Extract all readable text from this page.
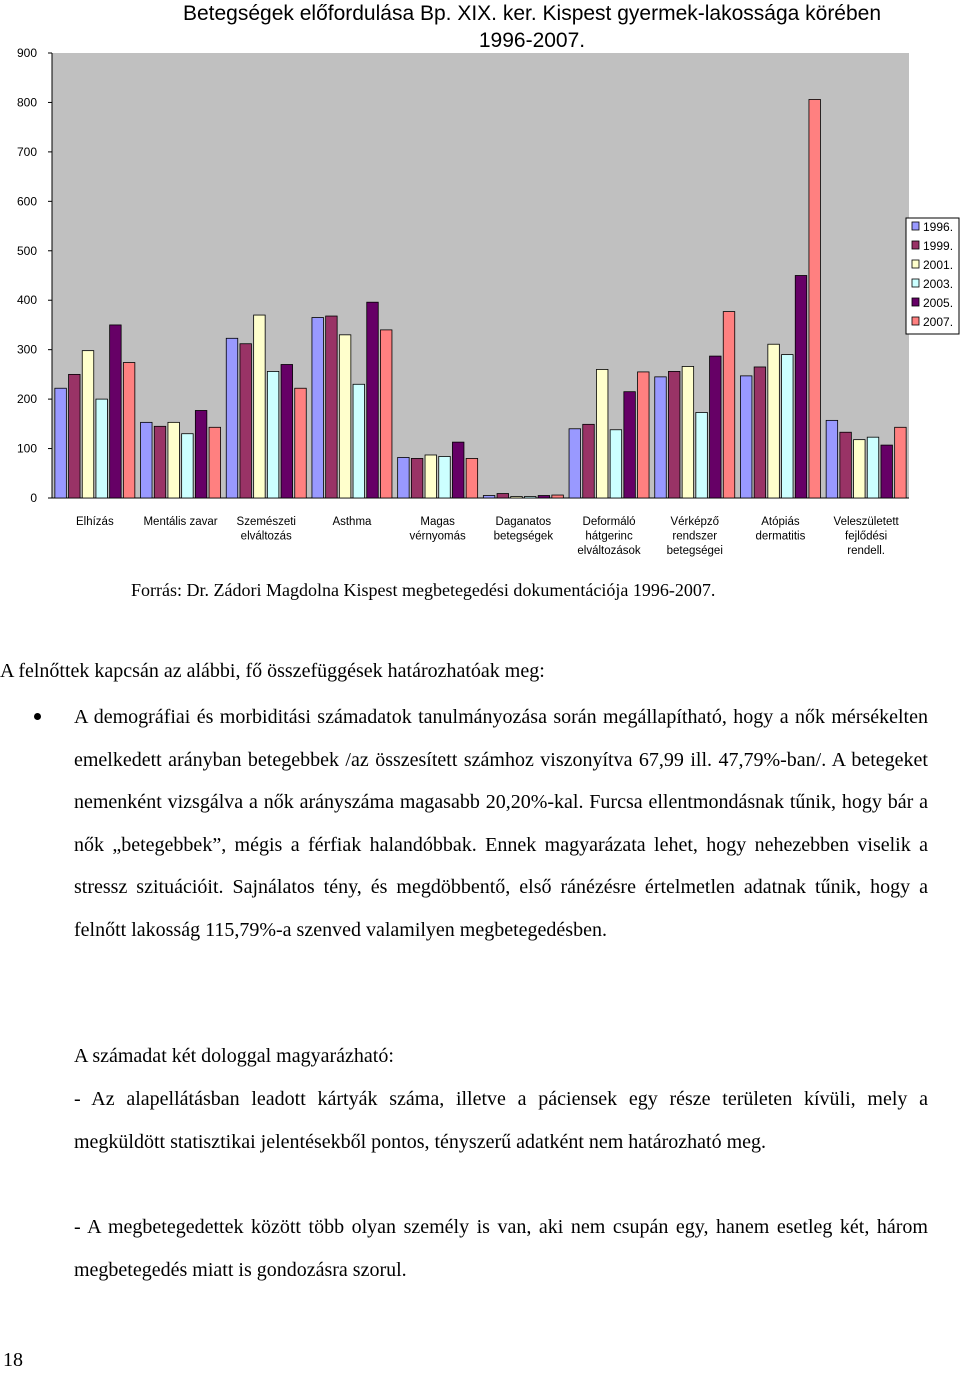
Betegségek előfordulása Bp. XIX. ker. Kispest gyermek-lakossága körében
1996-2007.
0
100
200
300
400
500
600
700
800
900
Elhízás	Mentális zavar Szemészeti elváltozás
Asthma	Magas vérnyomás
Daganatos betegségek
Deformáló hátgerinc elváltozások
Vérképző rendszer betegségei
Atópiás dermatitis
Veleszületett fejlődési rendell.
1996.
1999.
2001.
2003.
2005.
2007.
Forrás: Dr. Zádori Magdolna Kispest megbetegedési dokumentációja 1996-2007.
A felnőttek kapcsán az alábbi, fő összefüggések határozhatóak meg:
A demográfiai és morbiditási számadatok tanulmányozása során megállapítható, hogy a nők mérsékelten emelkedett arányban betegebbek /az összesített számhoz viszonyítva 67,99 ill. 47,79%-ban/. A betegeket nemenként vizsgálva a nők arányszáma magasabb 20,20%-kal. Furcsa ellentmondásnak tűnik, hogy bár a nők „betegebbek”, mégis a férfiak halandóbbak. Ennek magyarázata lehet, hogy nehezebben viselik a stressz szituációit. Sajnálatos tény, és megdöbbentő, első ránézésre értelmetlen adatnak tűnik, hogy a felnőtt lakosság 115,79%-a szenved valamilyen megbetegedésben.
A számadat két dologgal magyarázható:
- Az alapellátásban leadott kártyák száma, illetve a páciensek egy része területen kívüli, mely a megküldött statisztikai jelentésekből pontos, tényszerű adatként nem határozható meg.
- A megbetegedettek között több olyan személy is van, aki nem csupán egy, hanem esetleg két, három megbetegedés miatt is gondozásra szorul.
18
